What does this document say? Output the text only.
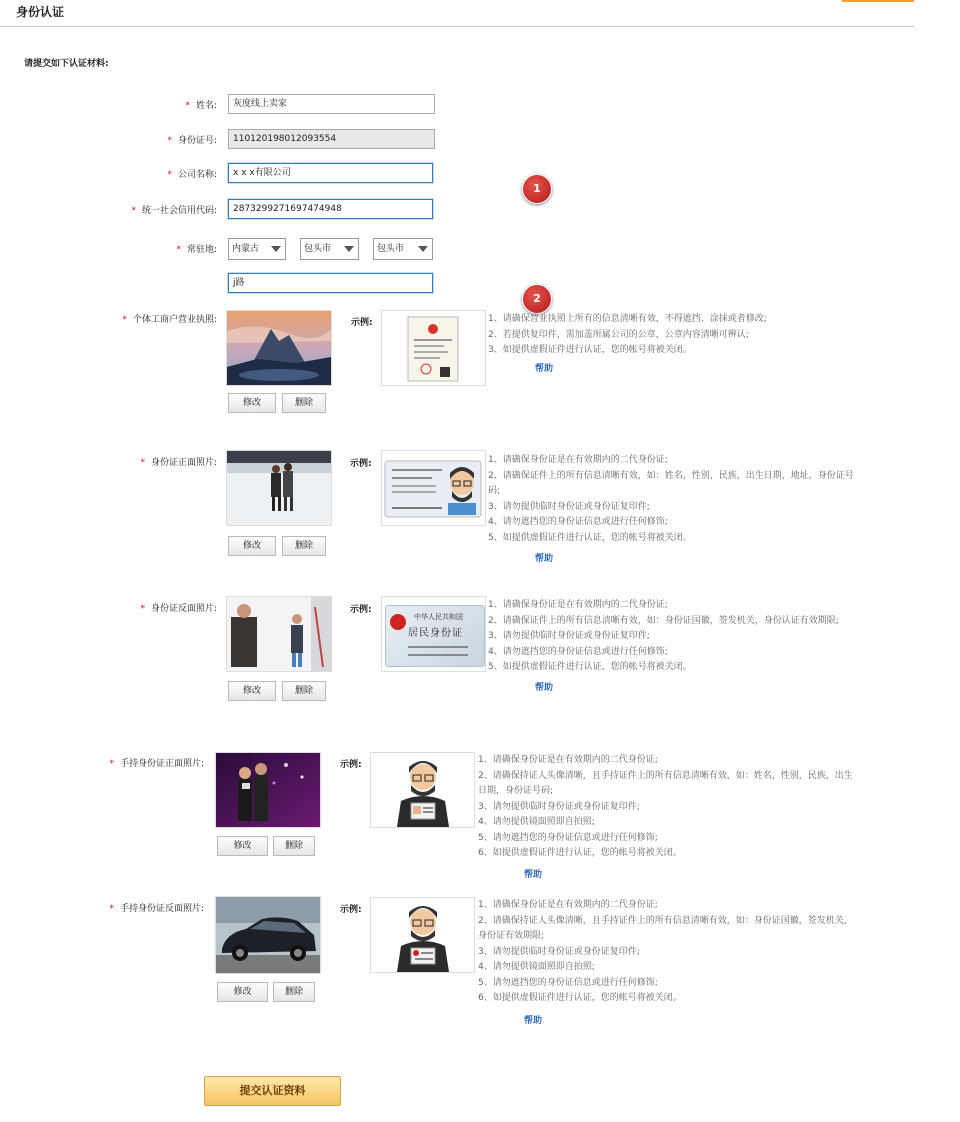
身份认证
请提交如下认证材料:
* 姓名:	灰度线上卖家
* 身份证号:	110120198012093554
* 公司名称:	x x x有限公司
* 统一社会信用代码:	2873299271697474948
* 常驻地:	内蒙古	包头市	包头市
j路
1
2
* 个体工商户营业执照:
修改	删除
示例:	1、请确保营业执照上所有的信息清晰有效，不得遮挡、涂抹或者修改;
2、若提供复印件，需加盖所属公司的公章，公章内容清晰可辨认;
3、如提供虚假证件进行认证，您的帐号将被关闭。
帮助
* 身份证正面照片:
修改	删除
示例:	1、请确保身份证是在有效期内的二代身份证;
2、请确保证件上的所有信息清晰有效，如：姓名，性别，民族，出生日期，地址，身份证号
码;
3、请勿提供临时身份证或身份证复印件;
4、请勿遮挡您的身份证信息或进行任何修饰;
5、如提供虚假证件进行认证，您的帐号将被关闭。
帮助
* 身份证反面照片:
修改	删除
示例:
中华人民共和国
居民身份证
1、请确保身份证是在有效期内的二代身份证;
2、请确保证件上的所有信息清晰有效，如：身份证国徽，签发机关，身份认证有效期限;
3、请勿提供临时身份证或身份证复印件;
4、请勿遮挡您的身份证信息或进行任何修饰;
5、如提供虚假证件进行认证，您的帐号将被关闭。
帮助
* 手持身份证正面照片:
修改	删除
示例:	1、请确保身份证是在有效期内的二代身份证;
2、请确保持证人头像清晰，且手持证件上的所有信息清晰有效，如：姓名，性别，民族，出生
日期，身份证号码;
3、请勿提供临时身份证或身份证复印件;
4、请勿提供镜面照即自拍照;
5、请勿遮挡您的身份证信息或进行任何修饰;
6、如提供虚假证件进行认证，您的帐号将被关闭。
帮助
* 手持身份证反面照片:
修改	删除
示例:	1、请确保身份证是在有效期内的二代身份证;
2、请确保持证人头像清晰，且手持证件上的所有信息清晰有效，如：身份证国徽，签发机关，
身份证有效期限;
3、请勿提供临时身份证或身份证复印件;
4、请勿提供镜面照即自拍照;
5、请勿遮挡您的身份证信息或进行任何修饰;
6、如提供虚假证件进行认证，您的帐号将被关闭。
帮助
提交认证资料
